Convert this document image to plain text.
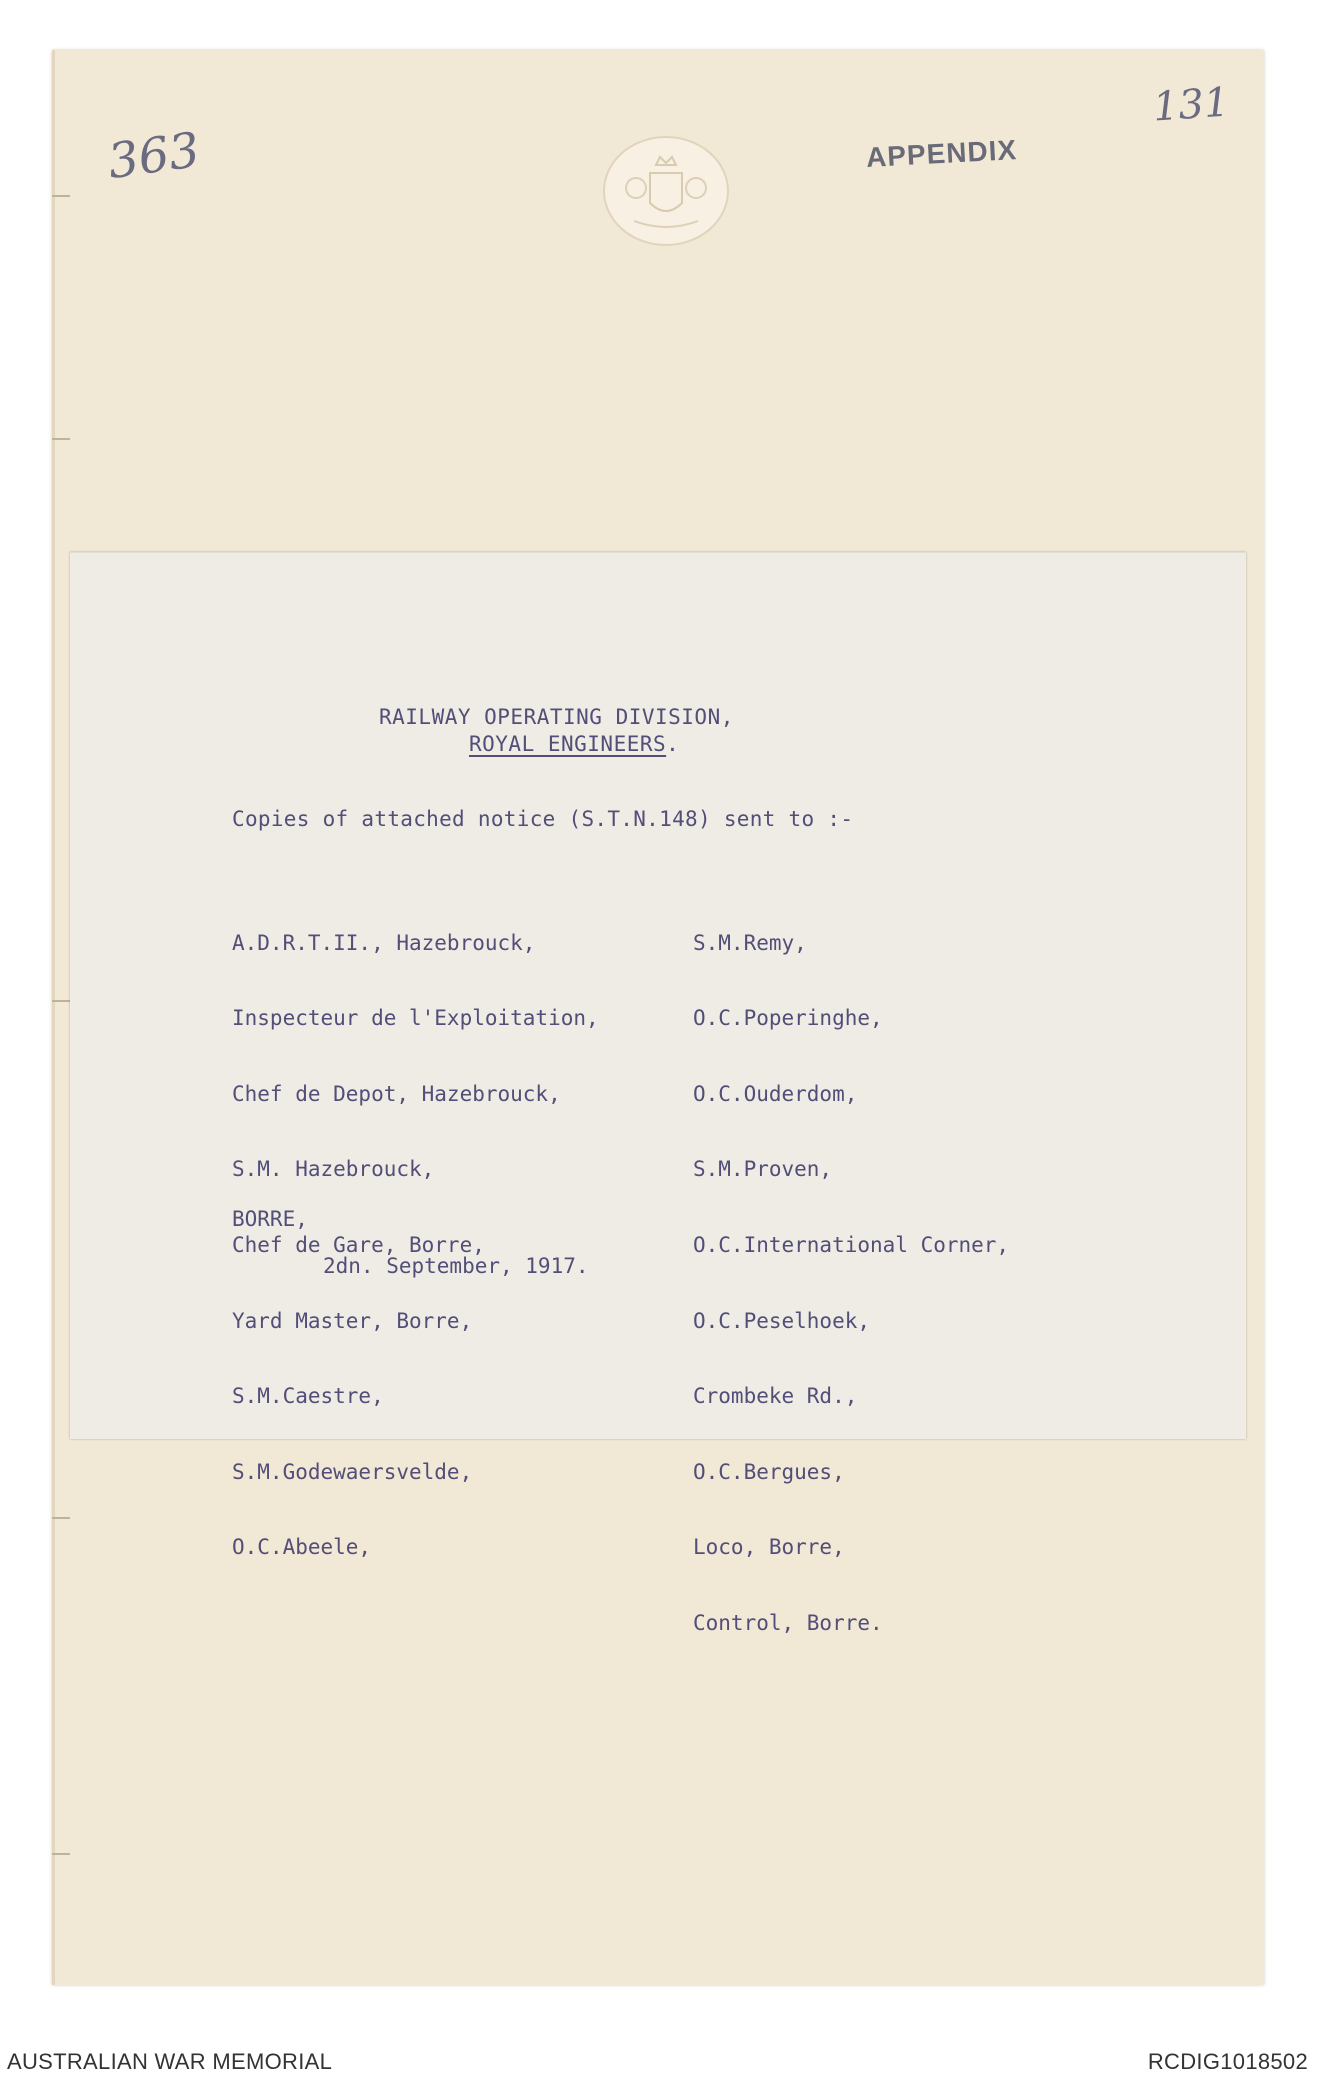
363
131
APPENDIX
RAILWAY OPERATING DIVISION,
ROYAL ENGINEERS.
Copies of attached notice (S.T.N.148) sent to :-

A.D.R.T.II., Hazebrouck,

Inspecteur de l'Exploitation,

Chef de Depot, Hazebrouck,

S.M. Hazebrouck,

Chef de Gare, Borre,

Yard Master, Borre,

S.M.Caestre,

S.M.Godewaersvelde,

O.C.Abeele,

S.M.Remy,

O.C.Poperinghe,

O.C.Ouderdom,

S.M.Proven,

O.C.International Corner,

O.C.Peselhoek,

Crombeke Rd.,

O.C.Bergues,

Loco, Borre,

Control, Borre.

BORRE,
2dn. September, 1917.
AUSTRALIAN WAR MEMORIAL	RCDIG1018502
